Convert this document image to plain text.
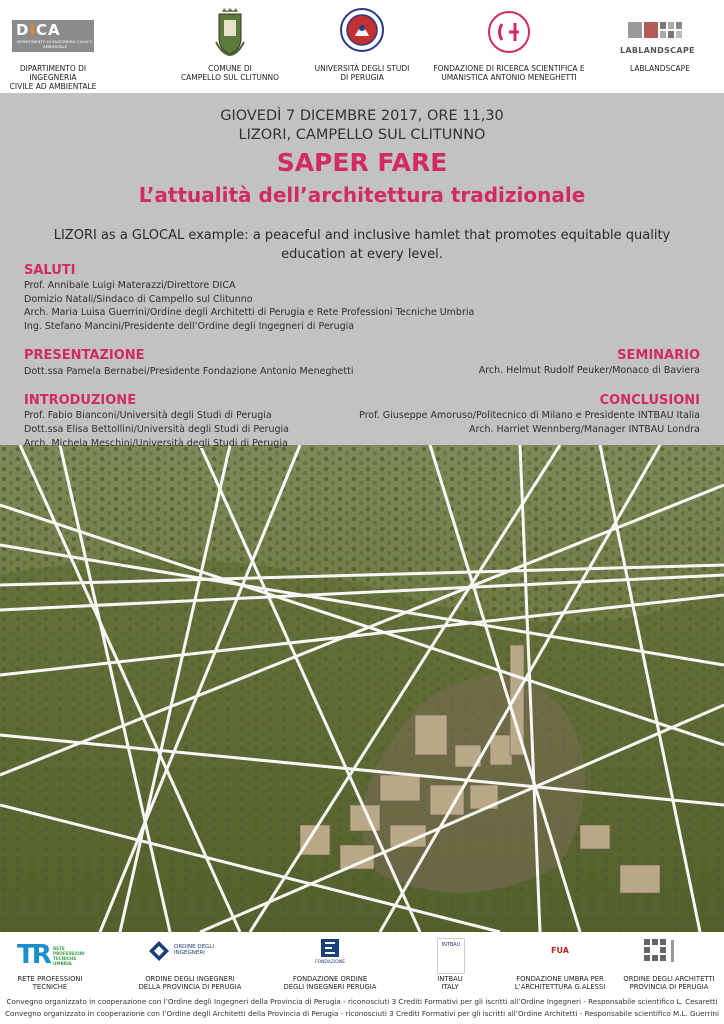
DICA
DIPARTIMENTO DI INGEGNERIA CIVILE E AMBIENTALE
DIPARTIMENTO DI INGEGNERIA
CIVILE AD AMBIENTALE
COMUNE DI
CAMPELLO SUL CLITUNNO
UNIVERSITÀ DEGLI STUDI
DI PERUGIA
FONDAZIONE DI RICERCA SCIENTIFICA E
UMANISTICA ANTONIO MENEGHETTI
LABLANDSCAPE
LABLANDSCAPE
GIOVEDÌ 7 DICEMBRE 2017, ORE 11,30
LIZORI, CAMPELLO SUL CLITUNNO
SAPER FARE
L’attualità dell’architettura tradizionale
LIZORI as a GLOCAL example: a peaceful and inclusive hamlet that promotes equitable quality
education at every level.
SALUTI
Prof. Annibale Luigi Materazzi/Direttore DICA
Domizio Natali/Sindaco di Campello sul Clitunno
Arch. Maria Luisa Guerrini/Ordine degli Architetti di Perugia e Rete Professioni Tecniche Umbria
Ing. Stefano Mancini/Presidente dell’Ordine degli Ingegneri di Perugia
PRESENTAZIONE
Dott.ssa Pamela Bernabei/Presidente Fondazione Antonio Meneghetti
SEMINARIO
Arch. Helmut Rudolf Peuker/Monaco di Baviera
INTRODUZIONE
Prof. Fabio Bianconi/Università degli Studi di Perugia
Dott.ssa Elisa Bettollini/Università degli Studi di Perugia
Arch. Michela Meschini/Università degli Studi di Perugia
CONCLUSIONI
Prof. Giuseppe Amoruso/Politecnico di Milano e Presidente INTBAU Italia
Arch. Harriet Wennberg/Manager INTBAU Londra
TR RETE PROFESSIONI TECNICHE UMBRIA
RETE PROFESSIONI
TECNICHE
ORDINE DEGLI INGEGNERI
ORDINE DEGLI INGEGNERI
DELLA PROVINCIA DI PERUGIA
FONDAZIONE
FONDAZIONE ORDINE
DEGLI INGEGNERI PERUGIA
INTBAU
INTBAU
ITALY
FUA
FONDAZIONE UMBRA PER
L’ARCHITETTURA G.ALESSI
ORDINE DEGLI ARCHITETTI
PROVINCIA DI PERUGIA
Convegno organizzato in cooperazione con l’Ordine degli Ingegneri della Provincia di Perugia - riconosciuti 3 Crediti Formativi per gli iscritti all’Ordine Ingegneri - Responsabile scientifico L. Cesaretti
Convegno organizzato in cooperazione con l’Ordine degli Architetti della Provincia di Perugia - riconosciuti 3 Crediti Formativi per gli iscritti all’Ordine Architetti - Responsabile scientifico M.L. Guerrini
